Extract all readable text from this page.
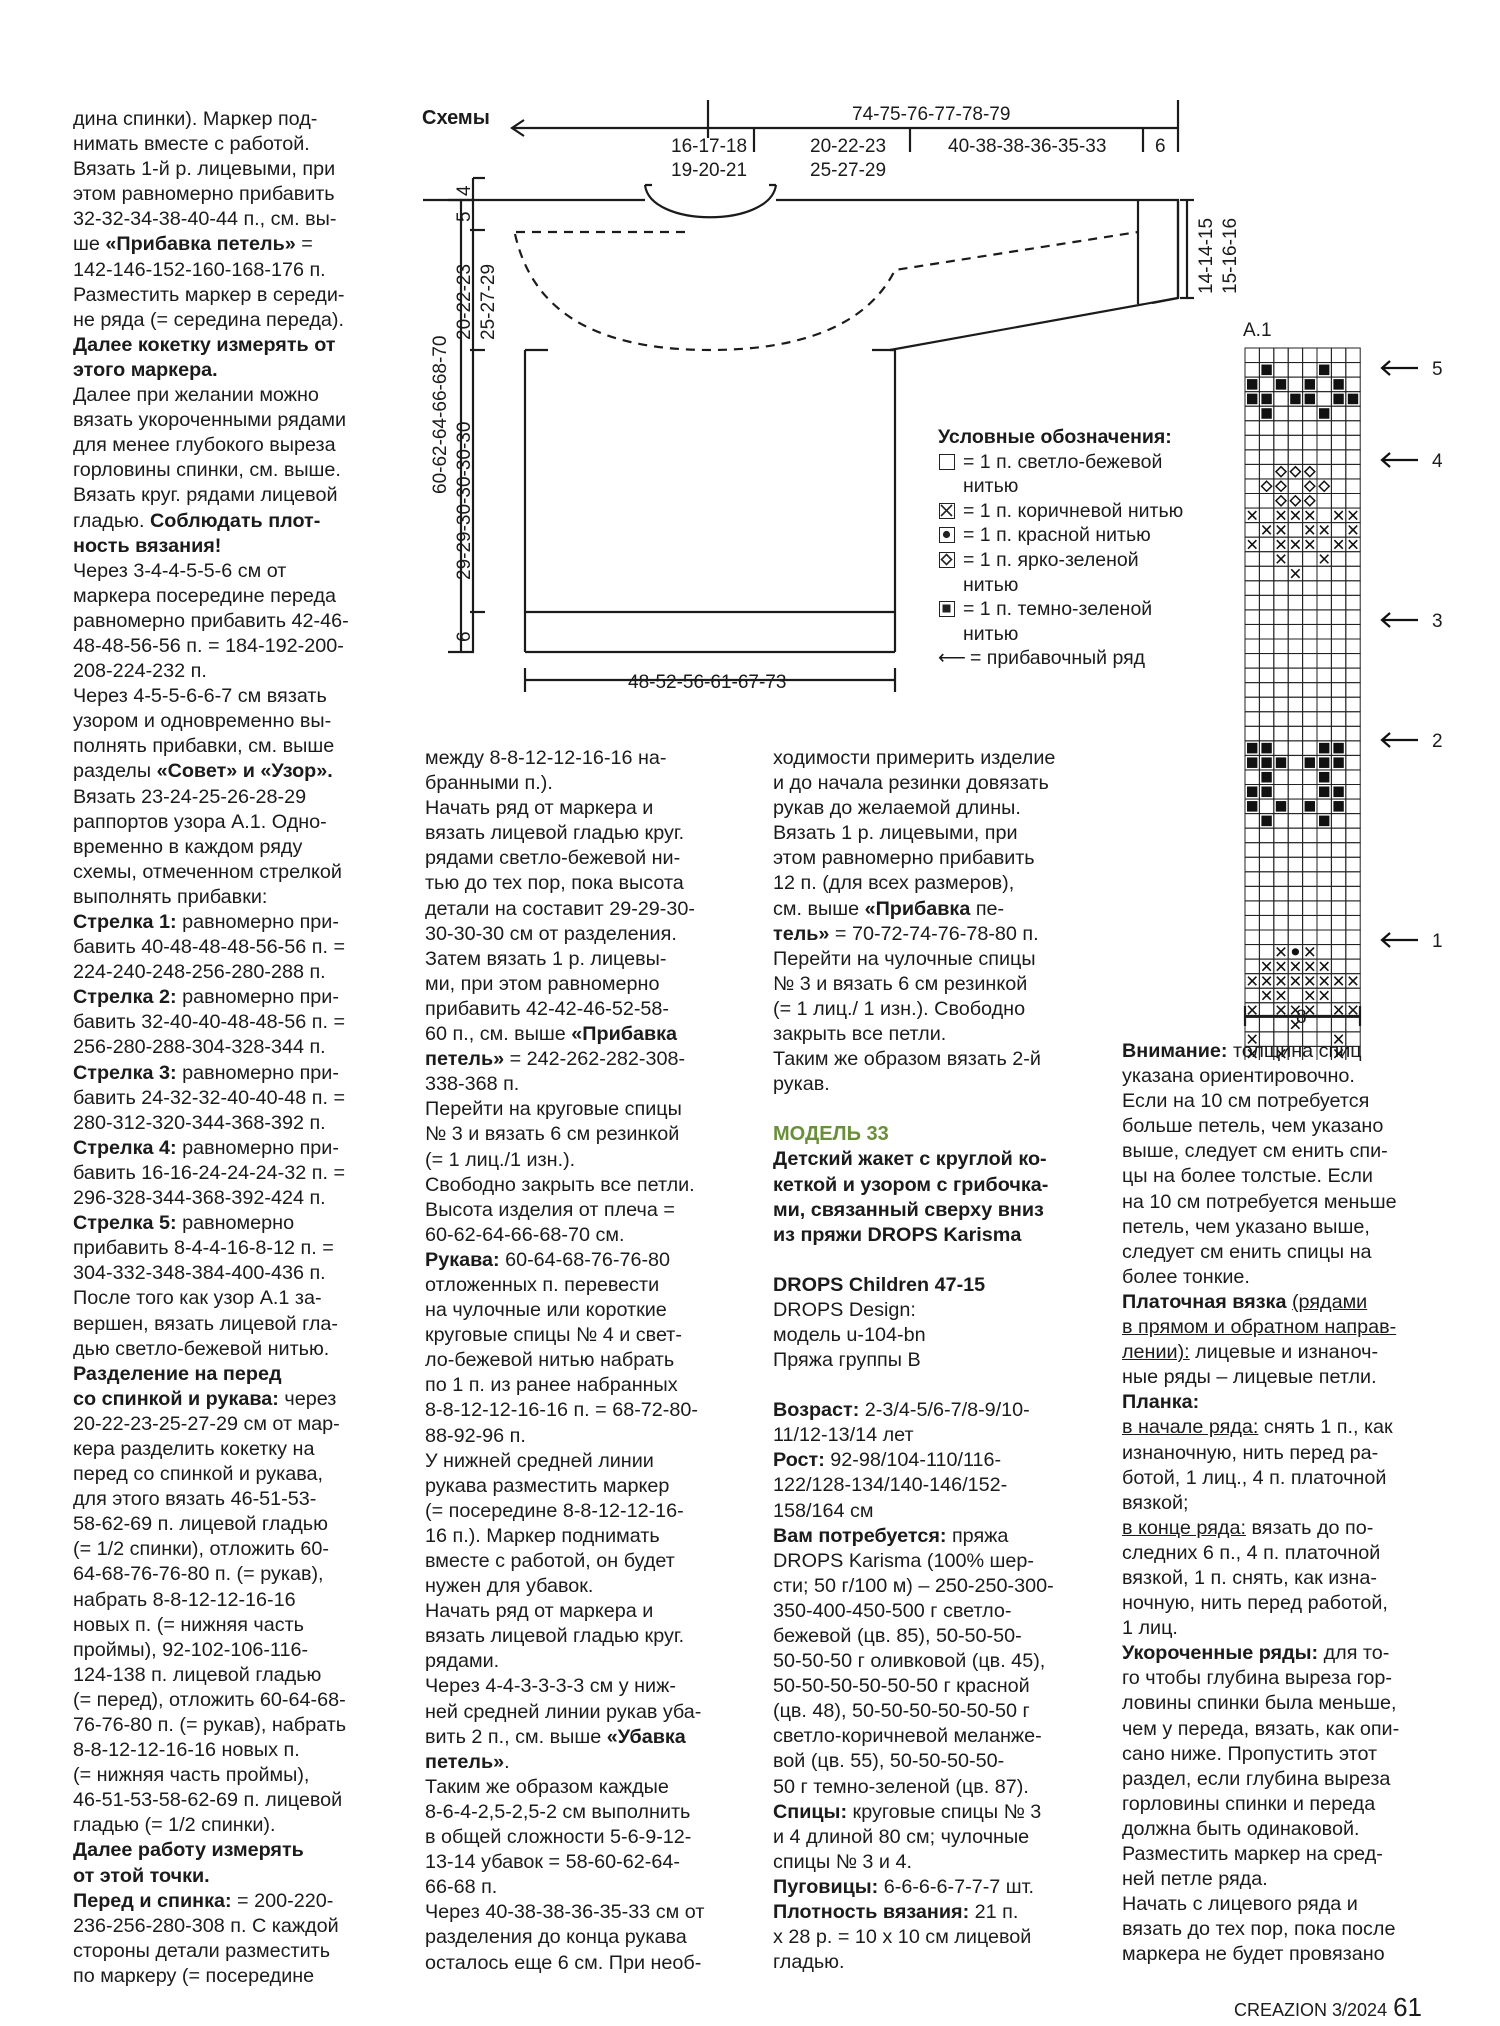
Схемы	74-75-76-77-78-79
16-17-18
19-20-21
20-22-23
25-27-29
40-38-38-36-35-33	6
4
5
20-22-23 25-27-29
60-62-64-66-68-70
29-29-30-30-30-30
6
48-52-56-61-67-73
14-14-15 15-16-16
A.1
8
5
4
3
2
1
Условные обозначения:
= 1 п. светло-бежевой
нитью
= 1 п. коричневой нитью
= 1 п. красной нитью
= 1 п. ярко-зеленой
нитью
= 1 п. темно-зеленой
нитью
⟵ = прибавочный ряд

дина спинки). Маркер под-

нимать вместе с работой.

Вязать 1-й р. лицевыми, при

этом равномерно прибавить

32-32-34-38-40-44 п., см. вы-

ше «Прибавка петель» =

142-146-152-160-168-176 п.

Разместить маркер в середи-

не ряда (= середина переда).

Далее кокетку измерять от

этого маркера.

Далее при желании можно

вязать укороченными рядами

для менее глубокого выреза

горловины спинки, см. выше.

Вязать круг. рядами лицевой

гладью. Соблюдать плот-

ность вязания!

Через 3-4-4-5-5-6 см от

маркера посередине переда

равномерно прибавить 42-46-

48-48-56-56 п. = 184-192-200-

208-224-232 п.

Через 4-5-5-6-6-7 см вязать

узором и одновременно вы-

полнять прибавки, см. выше

разделы «Совет» и «Узор».

Вязать 23-24-25-26-28-29

раппортов узора А.1. Одно-

временно в каждом ряду

схемы, отмеченном стрелкой

выполнять прибавки:

Стрелка 1: равномерно при-

бавить 40-48-48-48-56-56 п. =

224-240-248-256-280-288 п.

Стрелка 2: равномерно при-

бавить 32-40-40-48-48-56 п. =

256-280-288-304-328-344 п.

Стрелка 3: равномерно при-

бавить 24-32-32-40-40-48 п. =

280-312-320-344-368-392 п.

Стрелка 4: равномерно при-

бавить 16-16-24-24-24-32 п. =

296-328-344-368-392-424 п.

Стрелка 5: равномерно

прибавить 8-4-4-16-8-12 п. =

304-332-348-384-400-436 п.

После того как узор А.1 за-

вершен, вязать лицевой гла-

дью светло-бежевой нитью.

Разделение на перед

со спинкой и рукава: через

20-22-23-25-27-29 см от мар-

кера разделить кокетку на

перед со спинкой и рукава,

для этого вязать 46-51-53-

58-62-69 п. лицевой гладью

(= 1/2 спинки), отложить 60-

64-68-76-76-80 п. (= рукав),

набрать 8-8-12-12-16-16

новых п. (= нижняя часть

проймы), 92-102-106-116-

124-138 п. лицевой гладью

(= перед), отложить 60-64-68-

76-76-80 п. (= рукав), набрать

8-8-12-12-16-16 новых п.

(= нижняя часть проймы),

46-51-53-58-62-69 п. лицевой

гладью (= 1/2 спинки).

Далее работу измерять

от этой точки.

Перед и спинка: = 200-220-

236-256-280-308 п. С каждой

стороны детали разместить

по маркеру (= посередине

между 8-8-12-12-16-16 на-

бранными п.).

Начать ряд от маркера и

вязать лицевой гладью круг.

рядами светло-бежевой ни-

тью до тех пор, пока высота

детали на составит 29-29-30-

30-30-30 см от разделения.

Затем вязать 1 р. лицевы-

ми, при этом равномерно

прибавить 42-42-46-52-58-

60 п., см. выше «Прибавка

петель» = 242-262-282-308-

338-368 п.

Перейти на круговые спицы

№ 3 и вязать 6 см резинкой

(= 1 лиц./1 изн.).

Свободно закрыть все петли.

Высота изделия от плеча =

60-62-64-66-68-70 см.

Рукава: 60-64-68-76-76-80

отложенных п. перевести

на чулочные или короткие

круговые спицы № 4 и свет-

ло-бежевой нитью набрать

по 1 п. из ранее набранных

8-8-12-12-16-16 п. = 68-72-80-

88-92-96 п.

У нижней средней линии

рукава разместить маркер

(= посередине 8-8-12-12-16-

16 п.). Маркер поднимать

вместе с работой, он будет

нужен для убавок.

Начать ряд от маркера и

вязать лицевой гладью круг.

рядами.

Через 4-4-3-3-3-3 см у ниж-

ней средней линии рукав уба-

вить 2 п., см. выше «Убавка

петель».

Таким же образом каждые

8-6-4-2,5-2,5-2 см выполнить

в общей сложности 5-6-9-12-

13-14 убавок = 58-60-62-64-

66-68 п.

Через 40-38-38-36-35-33 см от

разделения до конца рукава

осталось еще 6 см. При необ-

ходимости примерить изделие

и до начала резинки довязать

рукав до желаемой длины.

Вязать 1 р. лицевыми, при

этом равномерно прибавить

12 п. (для всех размеров),

см. выше «Прибавка пе-

тель» = 70-72-74-76-78-80 п.

Перейти на чулочные спицы

№ 3 и вязать 6 см резинкой

(= 1 лиц./ 1 изн.). Свободно

закрыть все петли.

Таким же образом вязать 2-й

рукав.

МОДЕЛЬ 33

Детский жакет с круглой ко-

кеткой и узором с грибочка-

ми, связанный сверху вниз

из пряжи DROPS Karisma

DROPS Children 47-15

DROPS Design:

модель u-104-bn

Пряжа группы B

Возраст: 2-3/4-5/6-7/8-9/10-

11/12-13/14 лет

Рост: 92-98/104-110/116-

122/128-134/140-146/152-

158/164 см

Вам потребуется: пряжа

DROPS Karisma (100% шер-

сти; 50 г/100 м) – 250-250-300-

350-400-450-500 г светло-

бежевой (цв. 85), 50-50-50-

50-50-50 г оливковой (цв. 45),

50-50-50-50-50-50 г красной

(цв. 48), 50-50-50-50-50-50 г

светло-коричневой меланже-

вой (цв. 55), 50-50-50-50-

50 г темно-зеленой (цв. 87).

Спицы: круговые спицы № 3

и 4 длиной 80 см; чулочные

спицы № 3 и 4.

Пуговицы: 6-6-6-6-7-7-7 шт.

Плотность вязания: 21 п.

х 28 р. = 10 х 10 см лицевой

гладью.

Внимание: толщина спиц

указана ориентировочно.

Если на 10 см потребуется

больше петель, чем указано

выше, следует см енить спи-

цы на более толстые. Если

на 10 см потребуется меньше

петель, чем указано выше,

следует см енить спицы на

более тонкие.

Платочная вязка (рядами

в прямом и обратном направ-

лении): лицевые и изнаноч-

ные ряды – лицевые петли.

Планка:

в начале ряда: снять 1 п., как

изнаночную, нить перед ра-

ботой, 1 лиц., 4 п. платочной

вязкой;

в конце ряда: вязать до по-

следних 6 п., 4 п. платочной

вязкой, 1 п. снять, как изна-

ночную, нить перед работой,

1 лиц.

Укороченные ряды: для то-

го чтобы глубина выреза гор-

ловины спинки была меньше,

чем у переда, вязать, как опи-

сано ниже. Пропустить этот

раздел, если глубина выреза

горловины спинки и переда

должна быть одинаковой.

Разместить маркер на сред-

ней петле ряда.

Начать с лицевого ряда и

вязать до тех пор, пока после

маркера не будет провязано

CREAZION 3/2024 61
